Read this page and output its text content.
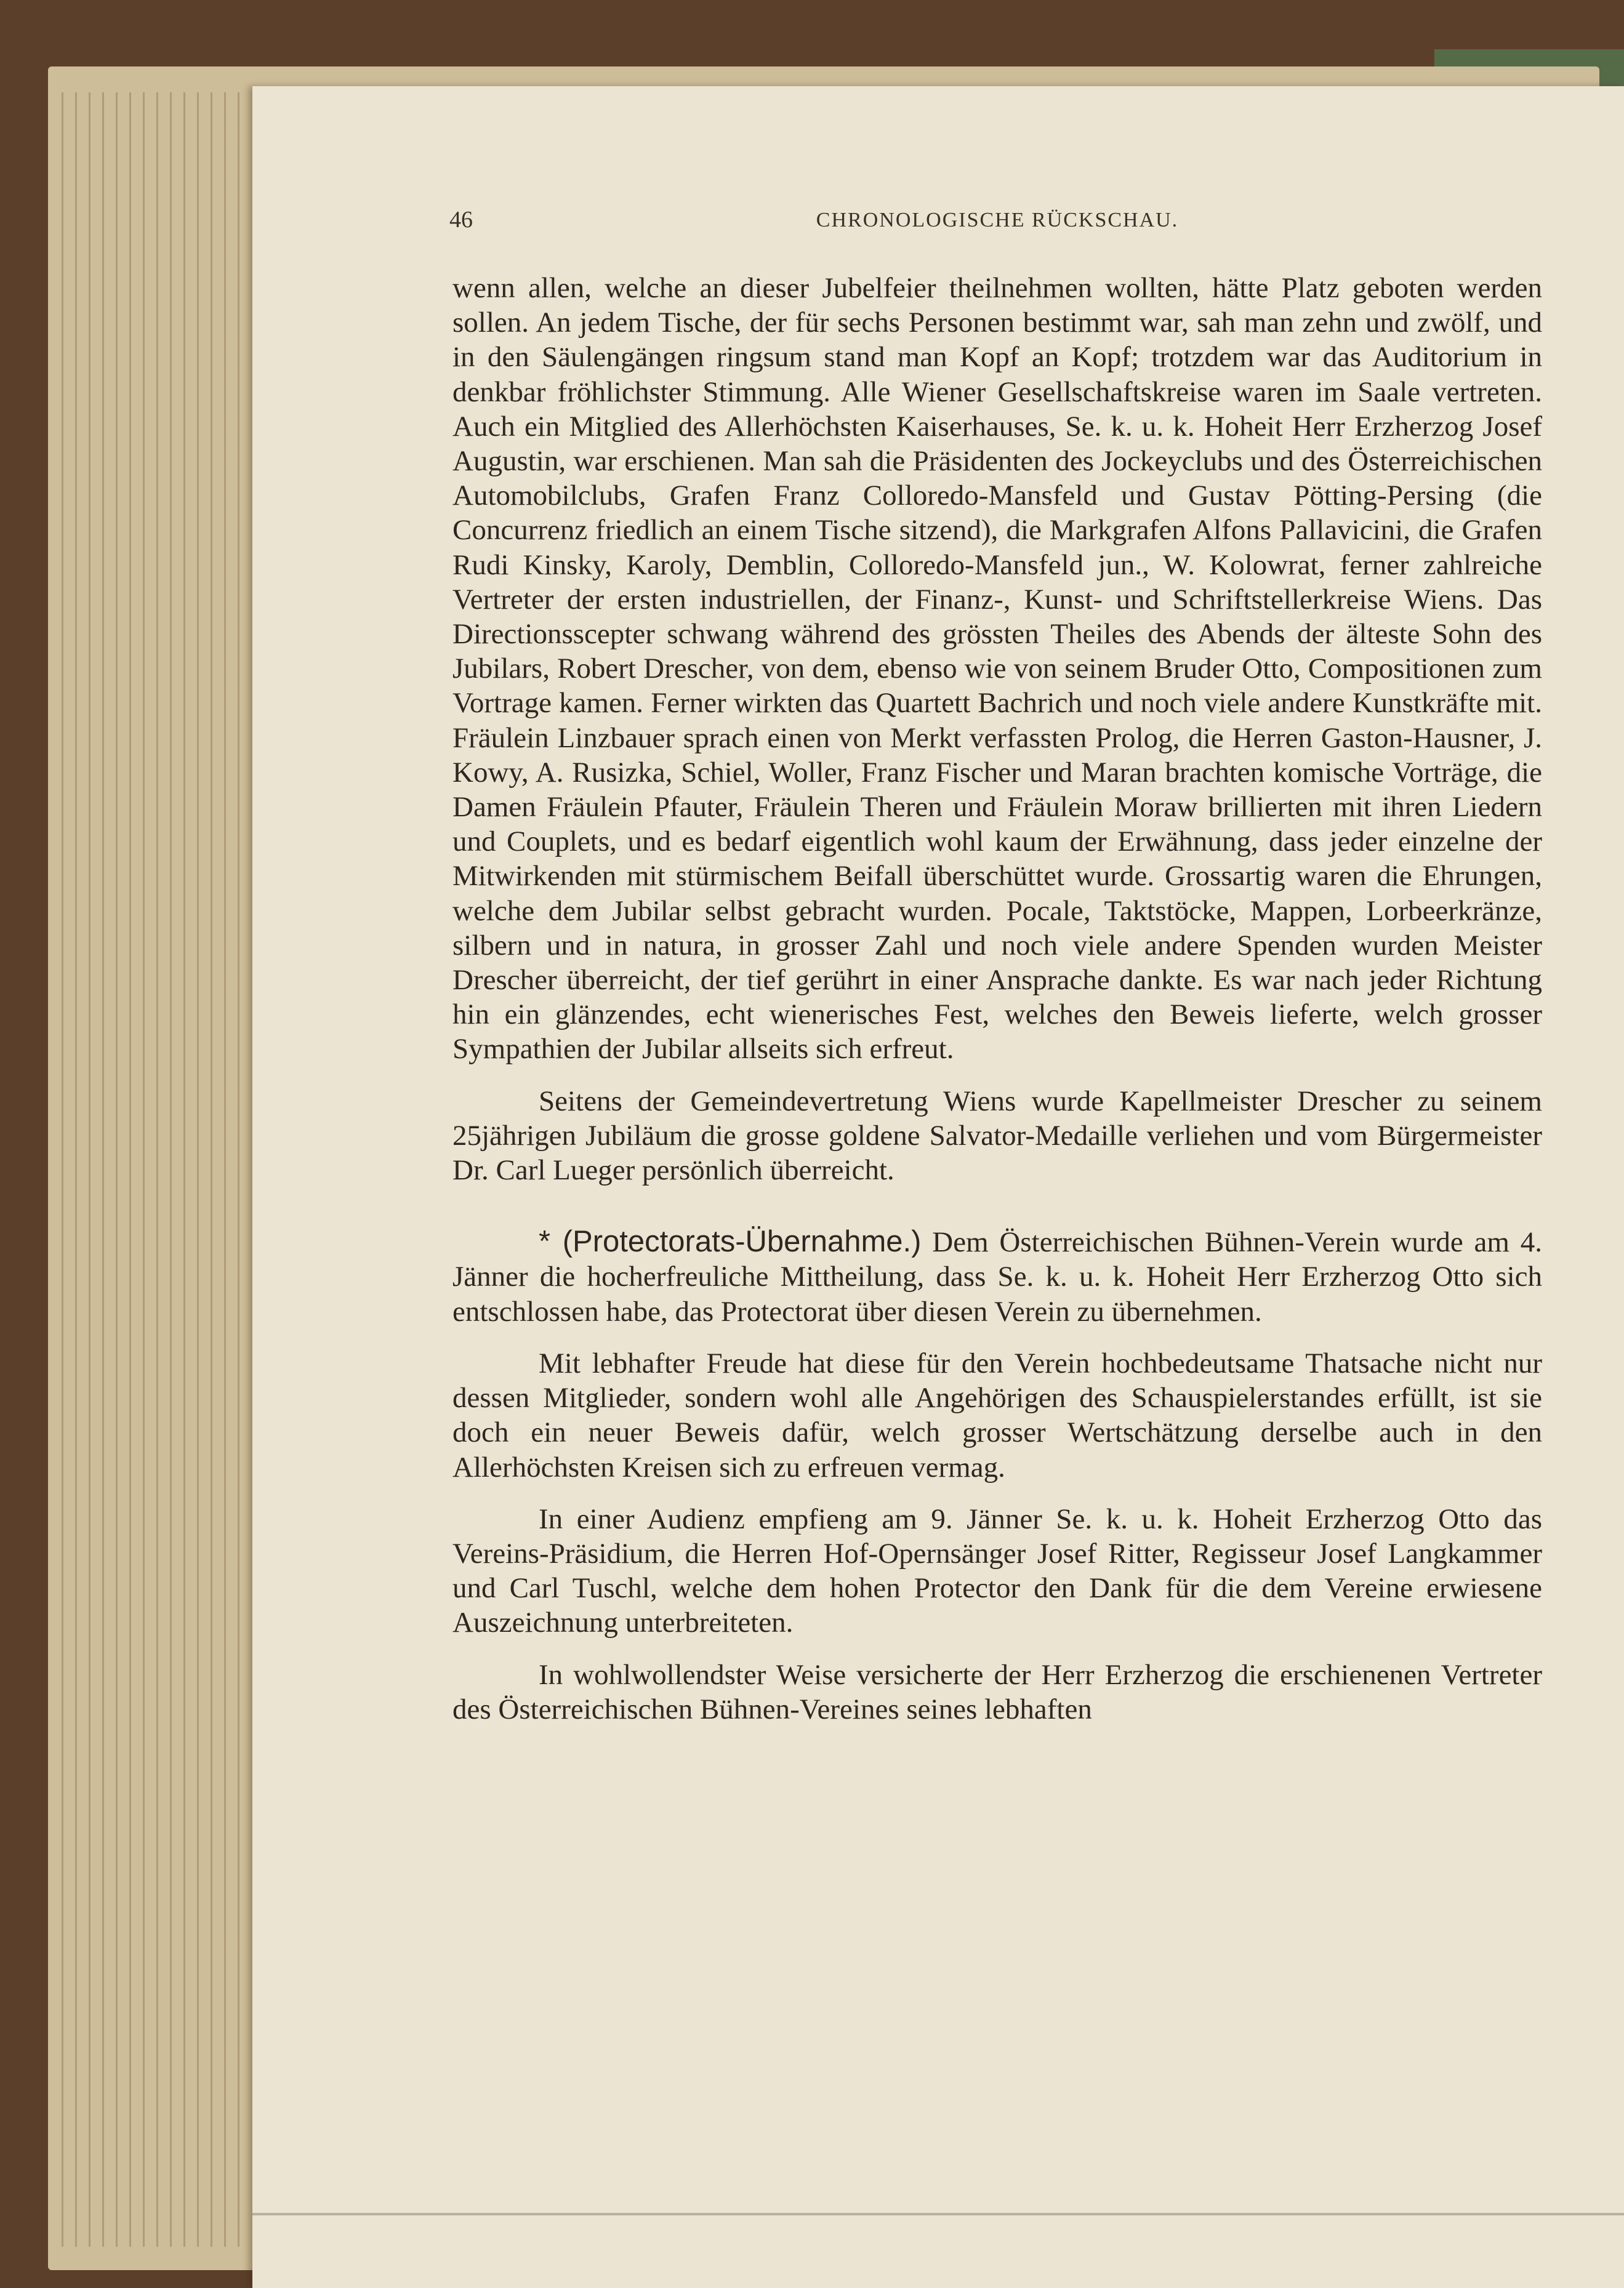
46	CHRONOLOGISCHE RÜCKSCHAU.

wenn allen, welche an dieser Jubelfeier theilnehmen wollten, hätte Platz geboten werden sollen. An jedem Tische, der für sechs Personen bestimmt war, sah man zehn und zwölf, und in den Säulengängen ringsum stand man Kopf an Kopf; trotzdem war das Auditorium in denkbar fröhlichster Stimmung. Alle Wiener Gesellschaftskreise waren im Saale vertreten. Auch ein Mitglied des Allerhöchsten Kaiserhauses, Se. k. u. k. Hoheit Herr Erzherzog Josef Augustin, war erschienen. Man sah die Präsidenten des Jockeyclubs und des Österreichischen Automobilclubs, Grafen Franz Colloredo-Mansfeld und Gustav Pötting-Persing (die Concurrenz friedlich an einem Tische sitzend), die Markgrafen Alfons Pallavicini, die Grafen Rudi Kinsky, Karoly, Demblin, Colloredo-Mansfeld jun., W. Kolowrat, ferner zahlreiche Vertreter der ersten industriellen, der Finanz-, Kunst- und Schriftstellerkreise Wiens. Das Directionsscepter schwang während des grössten Theiles des Abends der älteste Sohn des Jubilars, Robert Drescher, von dem, ebenso wie von seinem Bruder Otto, Compositionen zum Vortrage kamen. Ferner wirkten das Quartett Bachrich und noch viele andere Kunstkräfte mit. Fräulein Linzbauer sprach einen von Merkt verfassten Prolog, die Herren Gaston-Hausner, J. Kowy, A. Rusizka, Schiel, Woller, Franz Fischer und Maran brachten komische Vorträge, die Damen Fräulein Pfauter, Fräulein Theren und Fräulein Moraw brillierten mit ihren Liedern und Couplets, und es bedarf eigentlich wohl kaum der Erwähnung, dass jeder einzelne der Mitwirkenden mit stürmischem Beifall überschüttet wurde. Grossartig waren die Ehrungen, welche dem Jubilar selbst gebracht wurden. Pocale, Taktstöcke, Mappen, Lorbeerkränze, silbern und in natura, in grosser Zahl und noch viele andere Spenden wurden Meister Drescher überreicht, der tief gerührt in einer Ansprache dankte. Es war nach jeder Richtung hin ein glänzendes, echt wienerisches Fest, welches den Beweis lieferte, welch grosser Sympathien der Jubilar allseits sich erfreut.

Seitens der Gemeindevertretung Wiens wurde Kapellmeister Drescher zu seinem 25jährigen Jubiläum die grosse goldene Salvator-Medaille verliehen und vom Bürgermeister Dr. Carl Lueger persönlich überreicht.

* (Protectorats-Übernahme.) Dem Österreichischen Bühnen-Verein wurde am 4. Jänner die hocherfreuliche Mittheilung, dass Se. k. u. k. Hoheit Herr Erzherzog Otto sich entschlossen habe, das Protectorat über diesen Verein zu übernehmen.

Mit lebhafter Freude hat diese für den Verein hochbedeutsame Thatsache nicht nur dessen Mitglieder, sondern wohl alle Angehörigen des Schauspielerstandes erfüllt, ist sie doch ein neuer Beweis dafür, welch grosser Wertschätzung derselbe auch in den Allerhöchsten Kreisen sich zu erfreuen vermag.

In einer Audienz empfieng am 9. Jänner Se. k. u. k. Hoheit Erzherzog Otto das Vereins-Präsidium, die Herren Hof-Opernsänger Josef Ritter, Regisseur Josef Langkammer und Carl Tuschl, welche dem hohen Protector den Dank für die dem Vereine erwiesene Auszeichnung unterbreiteten.

In wohlwollendster Weise versicherte der Herr Erzherzog die erschienenen Vertreter des Österreichischen Bühnen-Vereines seines lebhaften
